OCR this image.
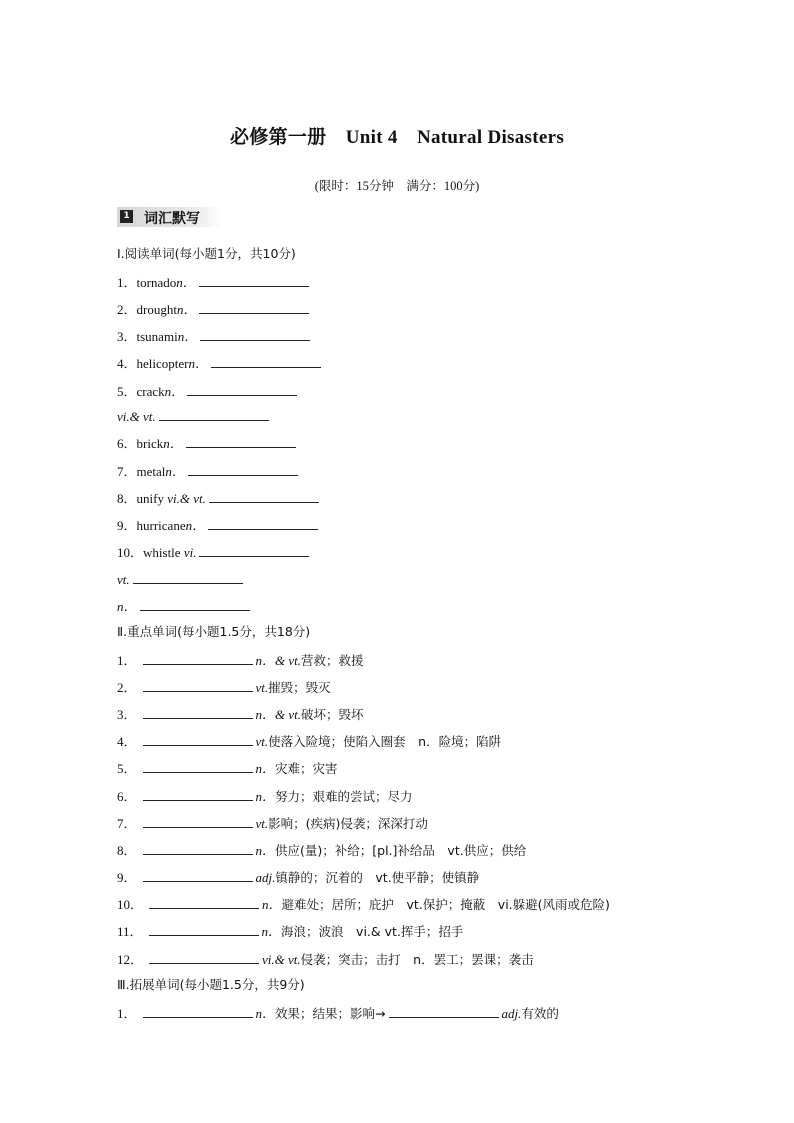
必修第一册　Unit 4　Natural Disasters
(限时：15分钟　满分：100分)
1 词汇默写
Ⅰ.阅读单词(每小题1分，共10分)
1．tornadon．
2．droughtn．
3．tsunamin．
4．helicoptern．
5．crackn．
vi.& vt.
6．brickn．
7．metaln．
8．unify vi.& vt.
9．hurricanen．
10．whistle vi.
vt.
n．
Ⅱ.重点单词(每小题1.5分，共18分)
1．	n．& vt.营救；救援
2．	vt.摧毁；毁灭
3．	n．& vt.破坏；毁坏
4．	vt.使落入险境；使陷入圈套　n．险境；陷阱
5．	n．灾难；灾害
6．	n．努力；艰难的尝试；尽力
7．	vt.影响；(疾病)侵袭；深深打动
8．	n．供应(量)；补给；[pl.]补给品　vt.供应；供给
9．	adj.镇静的；沉着的　vt.使平静；使镇静
10．	n．避难处；居所；庇护　vt.保护；掩蔽　vi.躲避(风雨或危险)
11．	n．海浪；波浪　vi.& vt.挥手；招手
12．	vi.& vt.侵袭；突击；击打　n．罢工；罢课；袭击
Ⅲ.拓展单词(每小题1.5分，共9分)
1．	n．效果；结果；影响→	adj.有效的
